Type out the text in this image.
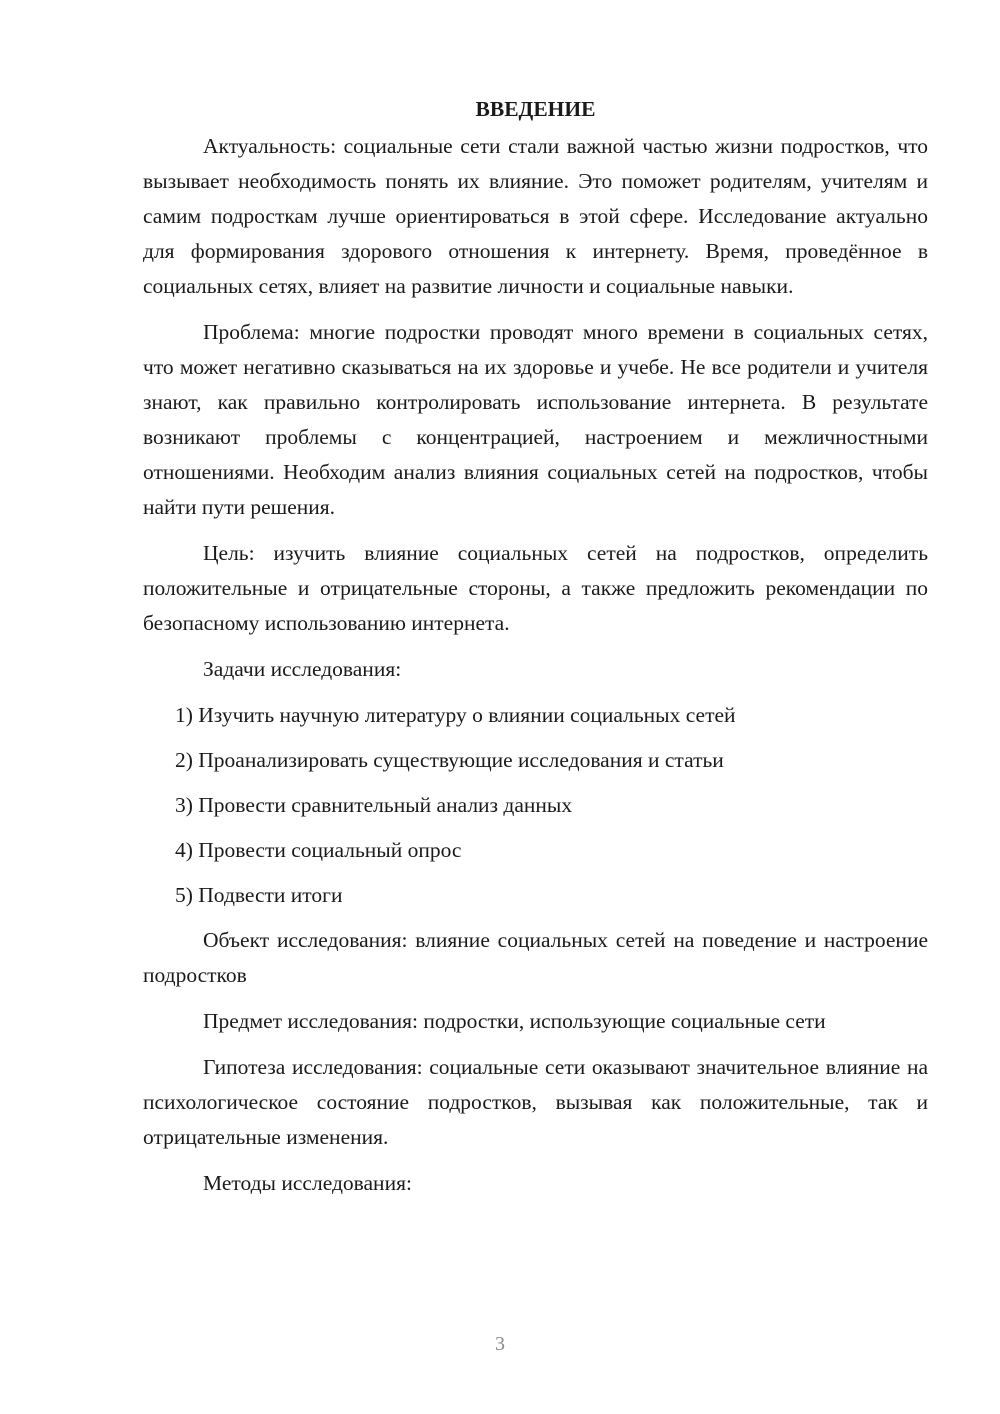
ВВЕДЕНИЕ

Актуальность: социальные сети стали важной частью жизни подростков, что вызывает необходимость понять их влияние. Это поможет родителям, учителям и самим подросткам лучше ориентироваться в этой сфере. Исследование актуально для формирования здорового отношения к интернету. Время, проведённое в социальных сетях, влияет на развитие личности и социальные навыки.

Проблема: многие подростки проводят много времени в социальных сетях, что может негативно сказываться на их здоровье и учебе. Не все родители и учителя знают, как правильно контролировать использование интернета. В результате возникают проблемы с концентрацией, настроением и межличностными отношениями. Необходим анализ влияния социальных сетей на подростков, чтобы найти пути решения.

Цель: изучить влияние социальных сетей на подростков, определить положительные и отрицательные стороны, а также предложить рекомендации по безопасному использованию интернета.

Задачи исследования:

1) Изучить научную литературу о влиянии социальных сетей

2) Проанализировать существующие исследования и статьи

3) Провести сравнительный анализ данных

4) Провести социальный опрос

5) Подвести итоги

Объект исследования: влияние социальных сетей на поведение и настроение подростков

Предмет исследования: подростки, использующие социальные сети

Гипотеза исследования: социальные сети оказывают значительное влияние на психологическое состояние подростков, вызывая как положительные, так и отрицательные изменения.

Методы исследования:

3
